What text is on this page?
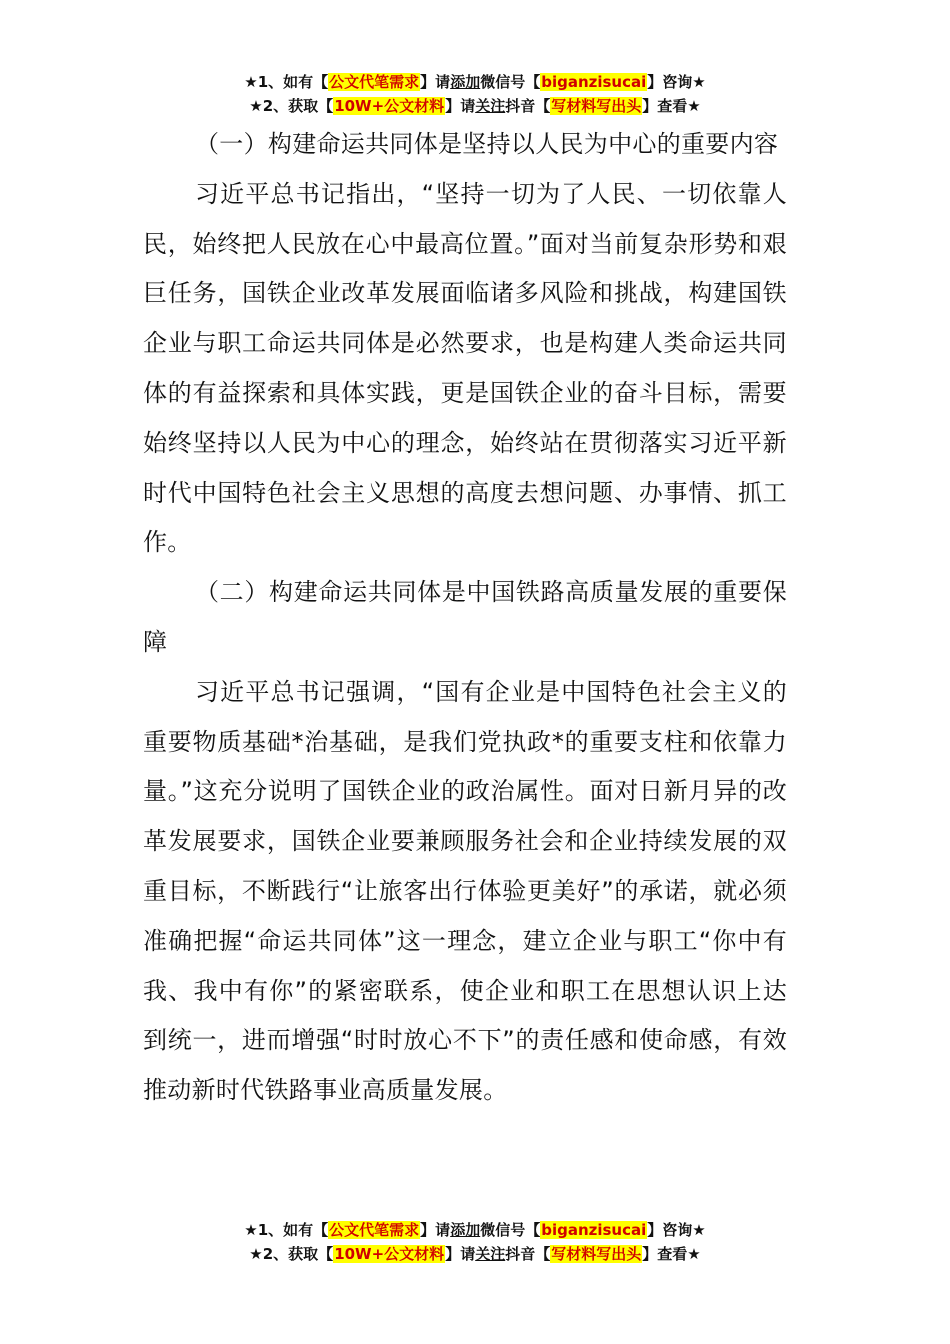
★1、如有【公文代笔需求】请添加微信号【biganzisucai】咨询★
★2、获取【10W+公文材料】请关注抖音【写材料写出头】查看★

（一）构建命运共同体是坚持以人民为中心的重要内容

习近平总书记指出，“坚持一切为了人民、一切依靠人民，始终把人民放在心中最高位置。”面对当前复杂形势和艰巨任务，国铁企业改革发展面临诸多风险和挑战，构建国铁企业与职工命运共同体是必然要求，也是构建人类命运共同体的有益探索和具体实践，更是国铁企业的奋斗目标，需要始终坚持以人民为中心的理念，始终站在贯彻落实习近平新时代中国特色社会主义思想的高度去想问题、办事情、抓工作。

（二）构建命运共同体是中国铁路高质量发展的重要保障

习近平总书记强调，“国有企业是中国特色社会主义的重要物质基础*治基础，是我们党执政*的重要支柱和依靠力量。”这充分说明了国铁企业的政治属性。面对日新月异的改革发展要求，国铁企业要兼顾服务社会和企业持续发展的双重目标，不断践行“让旅客出行体验更美好”的承诺，就必须准确把握“命运共同体”这一理念，建立企业与职工“你中有我、我中有你”的紧密联系，使企业和职工在思想认识上达到统一，进而增强“时时放心不下”的责任感和使命感，有效推动新时代铁路事业高质量发展。

★1、如有【公文代笔需求】请添加微信号【biganzisucai】咨询★
★2、获取【10W+公文材料】请关注抖音【写材料写出头】查看★
